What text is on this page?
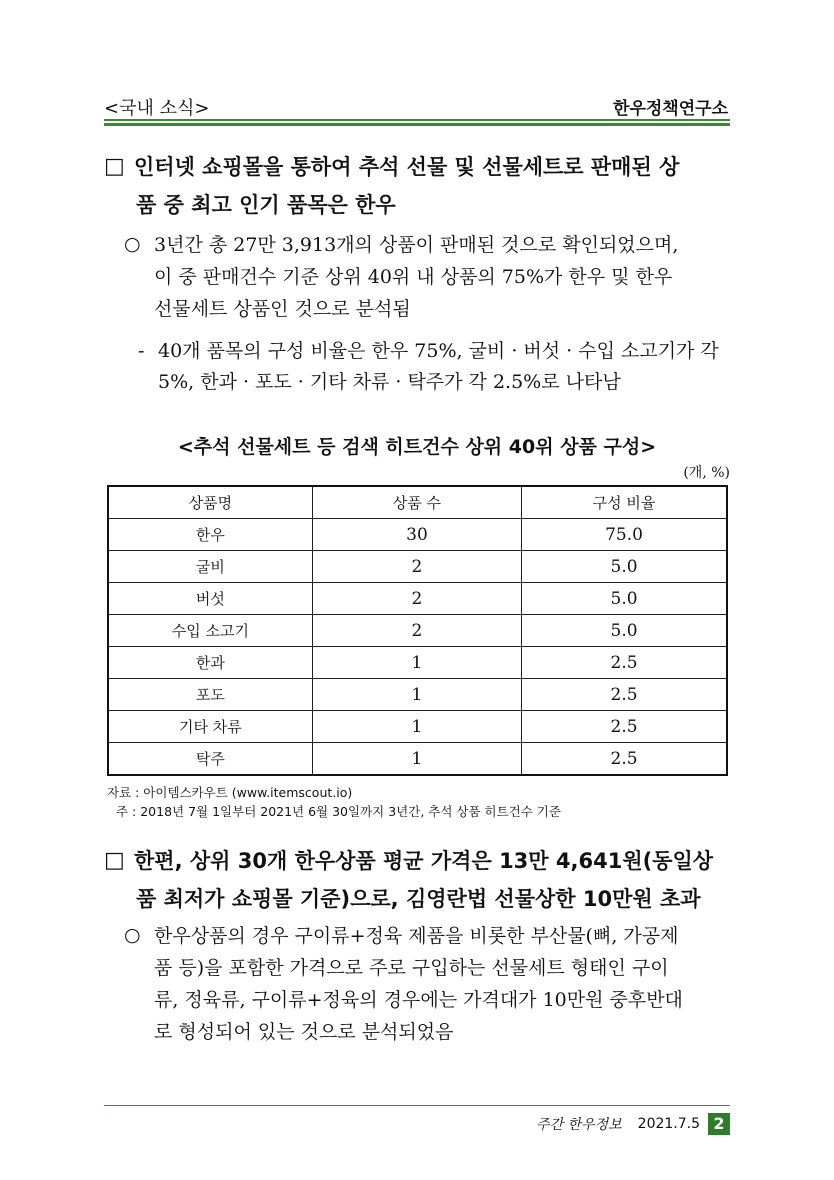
<국내 소식>	한우정책연구소
□ 인터넷 쇼핑몰을 통하여 추석 선물 및 선물세트로 판매된 상
품 중 최고 인기 품목은 한우
○ 3년간 총 27만 3,913개의 상품이 판매된 것으로 확인되었으며,
이 중 판매건수 기준 상위 40위 내 상품의 75%가 한우 및 한우
선물세트 상품인 것으로 분석됨
- 40개 품목의 구성 비율은 한우 75%, 굴비 · 버섯 · 수입 소고기가 각
5%, 한과 · 포도 · 기타 차류 · 탁주가 각 2.5%로 나타남
<추석 선물세트 등 검색 히트건수 상위 40위 상품 구성>
(개, %)
상품명	상품 수	구성 비율
한우	30	75.0
굴비	2	5.0
버섯	2	5.0
수입 소고기	2	5.0
한과	1	2.5
포도	1	2.5
기타 차류	1	2.5
탁주	1	2.5
자료 : 아이템스카우트 (www.itemscout.io)
주 : 2018년 7월 1일부터 2021년 6월 30일까지 3년간, 추석 상품 히트건수 기준
□ 한편, 상위 30개 한우상품 평균 가격은 13만 4,641원(동일상
품 최저가 쇼핑몰 기준)으로, 김영란법 선물상한 10만원 초과
○ 한우상품의 경우 구이류+정육 제품을 비롯한 부산물(뼈, 가공제
품 등)을 포함한 가격으로 주로 구입하는 선물세트 형태인 구이
류, 정육류, 구이류+정육의 경우에는 가격대가 10만원 중후반대
로 형성되어 있는 것으로 분석되었음
주간 한우정보 2021.7.5 2
